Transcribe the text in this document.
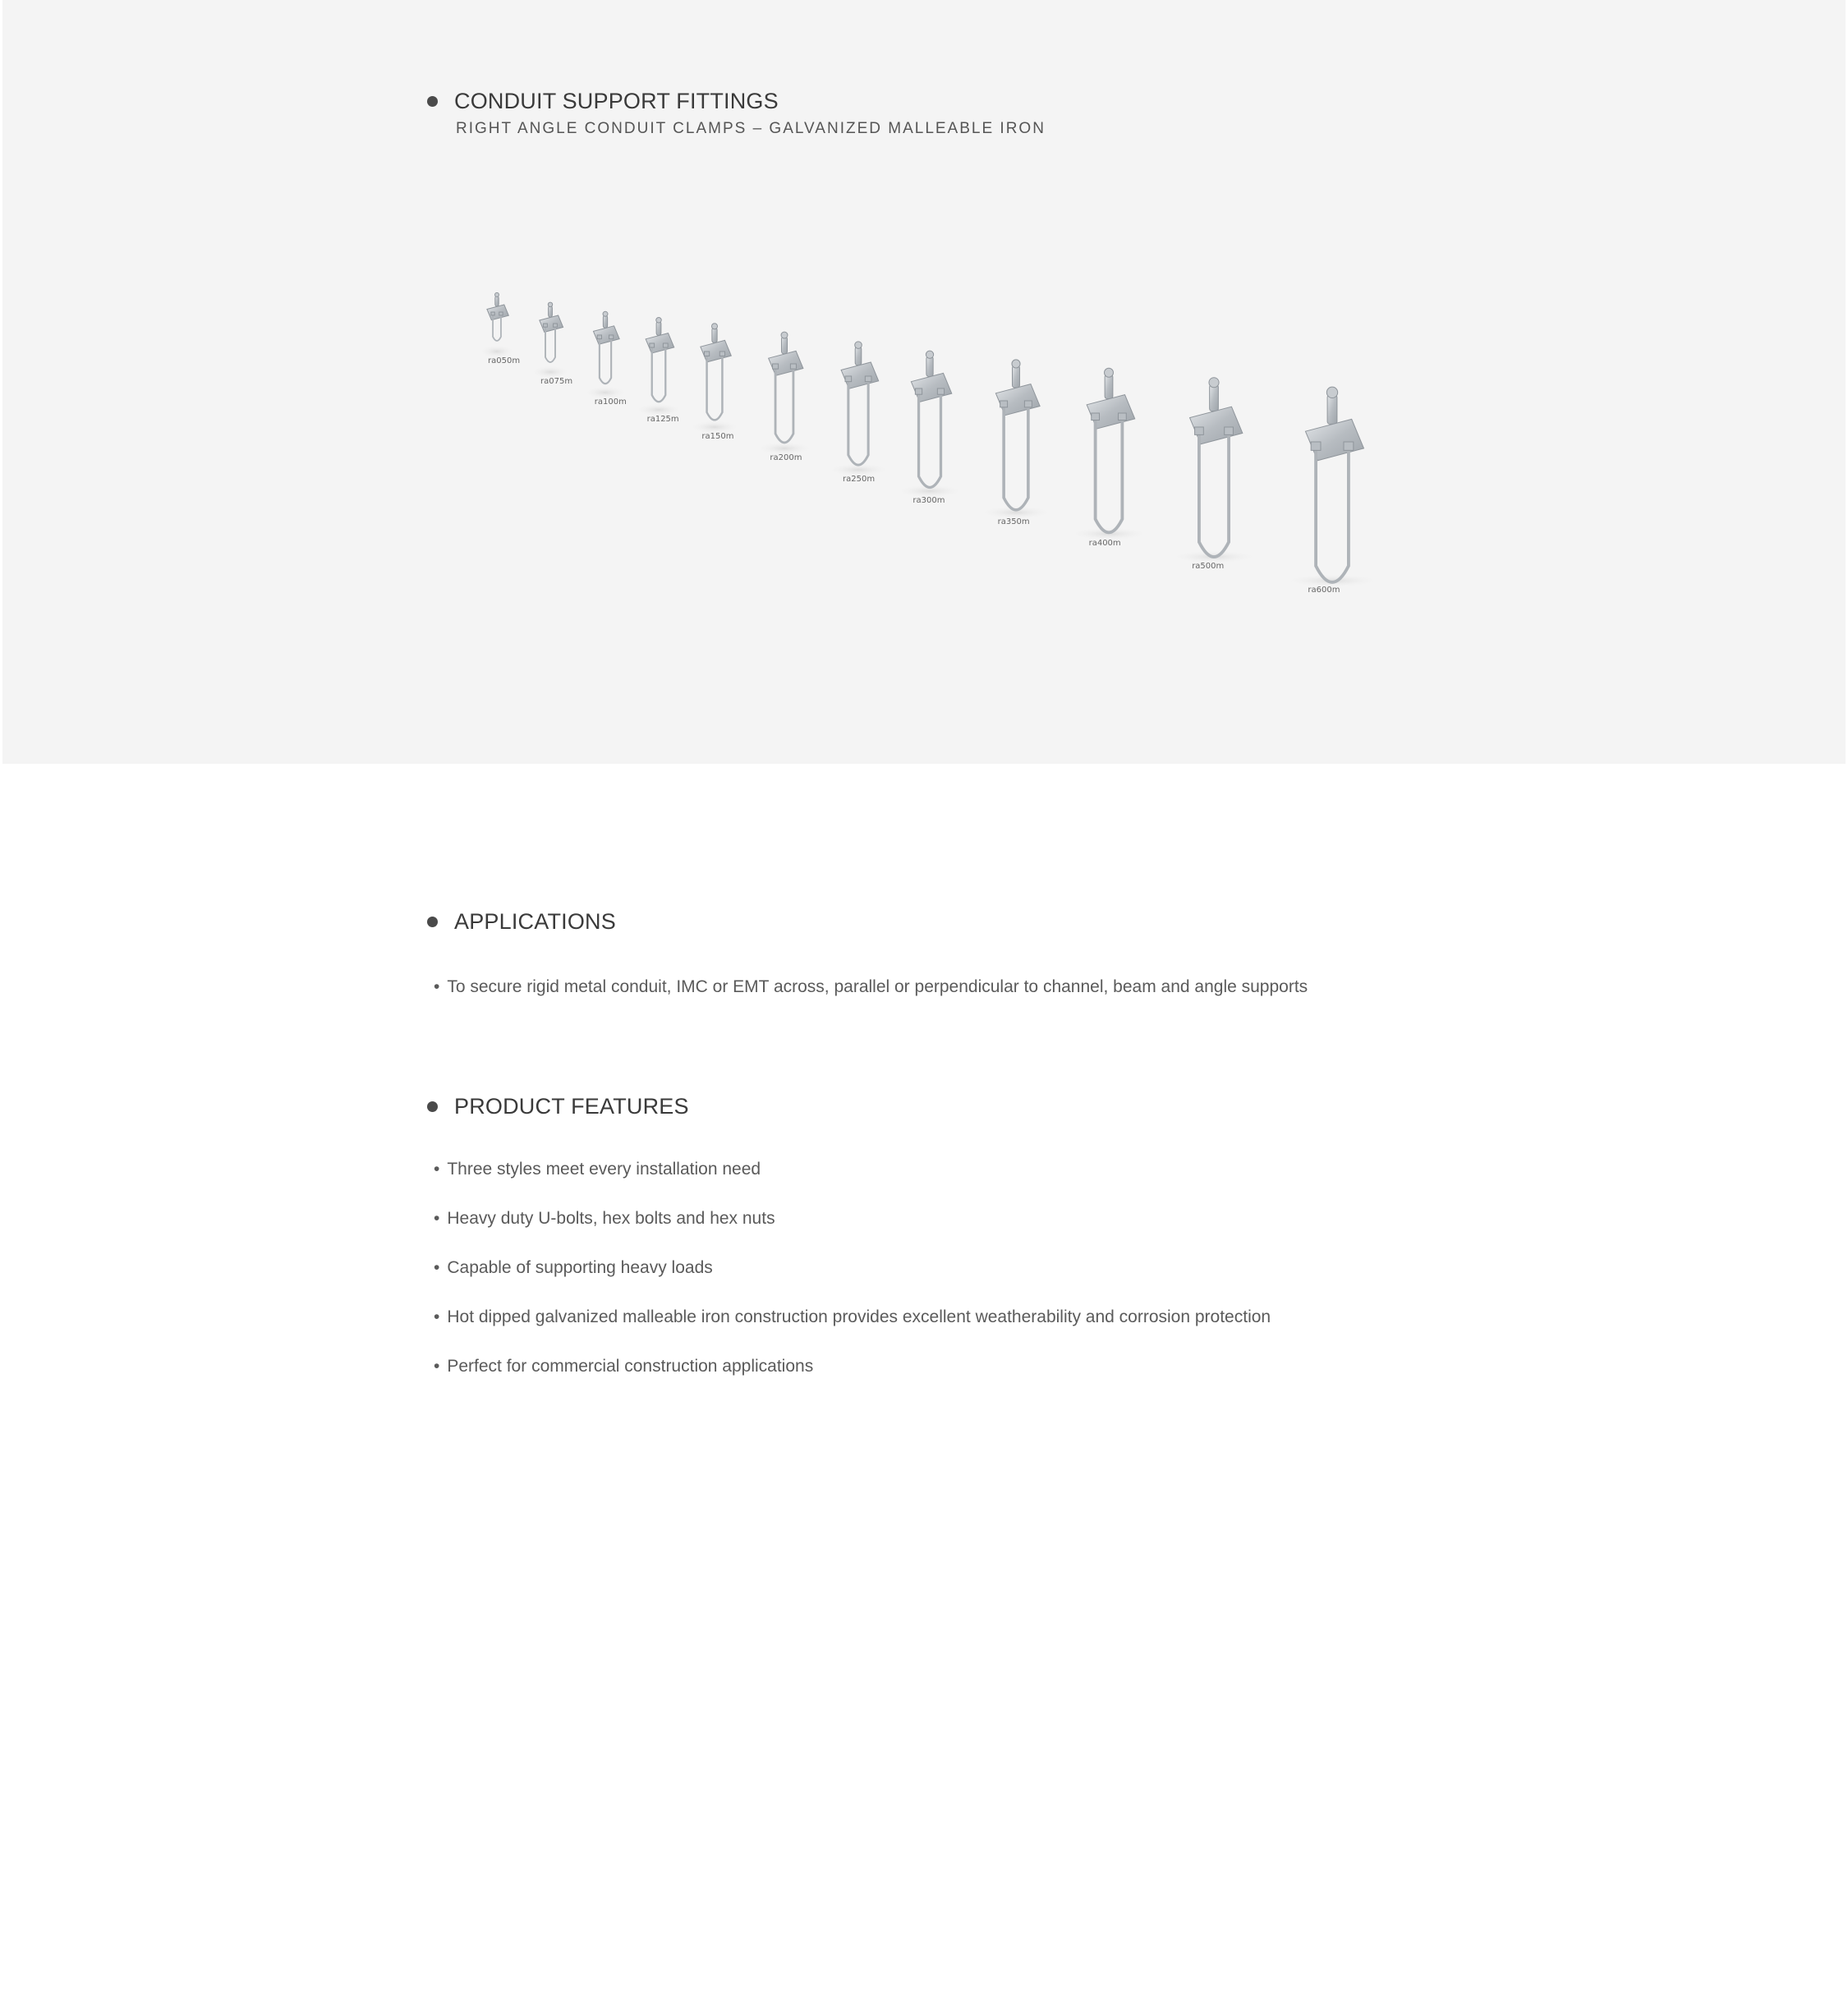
CONDUIT SUPPORT FITTINGS
RIGHT ANGLE CONDUIT CLAMPS – GALVANIZED MALLEABLE IRON
ra050m
ra075m
ra100m
ra125m
ra150m
ra200m
ra250m
ra300m
ra350m
ra400m
ra500m
ra600m
APPLICATIONS
• To secure rigid metal conduit, IMC or EMT across, parallel or perpendicular to channel, beam and angle supports
PRODUCT FEATURES
• Three styles meet every installation need
• Heavy duty U-bolts, hex bolts and hex nuts
• Capable of supporting heavy loads
• Hot dipped galvanized malleable iron construction provides excellent weatherability and corrosion protection
• Perfect for commercial construction applications
